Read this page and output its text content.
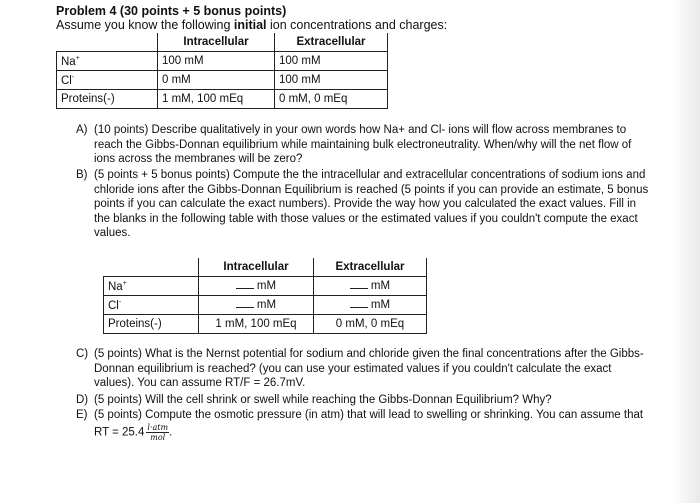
Problem 4 (30 points + 5 bonus points)
Assume you know the following initial ion concentrations and charges:
	Intracellular	Extracellular
Na+	100 mM	100 mM
Cl-	0 mM	100 mM
Proteins(-)	1 mM, 100 mEq	0 mM, 0 mEq
A) (10 points) Describe qualitatively in your own words how Na+ and Cl- ions will flow across membranes to reach the Gibbs-Donnan equilibrium while maintaining bulk electroneutrality. When/why will the net flow of ions across the membranes will be zero?
B) (5 points + 5 bonus points) Compute the the intracellular and extracellular concentrations of sodium ions and chloride ions after the Gibbs-Donnan Equilibrium is reached (5 points if you can provide an estimate, 5 bonus points if you can calculate the exact numbers). Provide the way how you calculated the exact values. Fill in the blanks in the following table with those values or the estimated values if you couldn't compute the exact values.
	Intracellular	Extracellular
Na+	mM	mM
Cl-	mM	mM
Proteins(-)	1 mM, 100 mEq	0 mM, 0 mEq
C) (5 points) What is the Nernst potential for sodium and chloride given the final concentrations after the Gibbs-Donnan equilibrium is reached? (you can use your estimated values if you couldn't calculate the exact values). You can assume RT/F = 26.7mV.
D) (5 points) Will the cell shrink or swell while reaching the Gibbs-Donnan Equilibrium? Why?
E) (5 points) Compute the osmotic pressure (in atm) that will lead to swelling or shrinking. You can assume that RT = $25.4 \frac{\text{l·atm}}{\text{mol}}$ .
